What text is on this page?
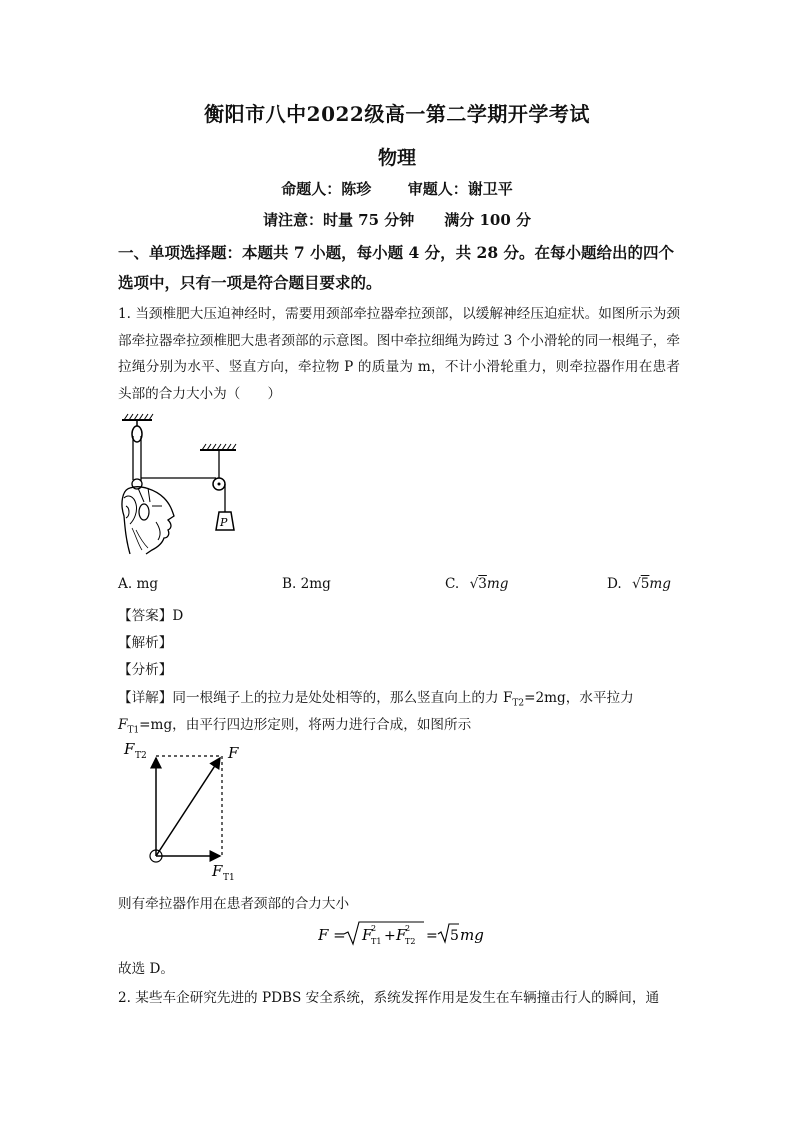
衡阳市八中2022级高一第二学期开学考试
物理
命题人：陈珍 审题人：谢卫平
请注意：时量 75 分钟　　满分 100 分
一、单项选择题：本题共 7 小题，每小题 4 分，共 28 分。在每小题给出的四个选项中，只有一项是符合题目要求的。
1. 当颈椎肥大压迫神经时，需要用颈部牵拉器牵拉颈部，以缓解神经压迫症状。如图所示为颈部牵拉器牵拉颈椎肥大患者颈部的示意图。图中牵拉细绳为跨过 3 个小滑轮的同一根绳子，牵拉绳分别为水平、竖直方向，牵拉物 P 的质量为 m，不计小滑轮重力，则牵拉器作用在患者头部的合力大小为（　　）
P
A. mg	B. 2mg	C. √3mg	D. √5mg
【答案】D
【解析】
【分析】
【详解】同一根绳子上的拉力是处处相等的，那么竖直向上的力 $F_{T2}=2mg$，水平拉力
$F_{T1}=mg$，由平行四边形定则，将两力进行合成，如图所示
F T2	F
F T1
则有牵拉器作用在患者颈部的合力大小
F = F
2
T1 + F
2
T2 = 5 mg
故选 D。
2. 某些车企研究先进的 PDBS 安全系统，系统发挥作用是发生在车辆撞击行人的瞬间，通
